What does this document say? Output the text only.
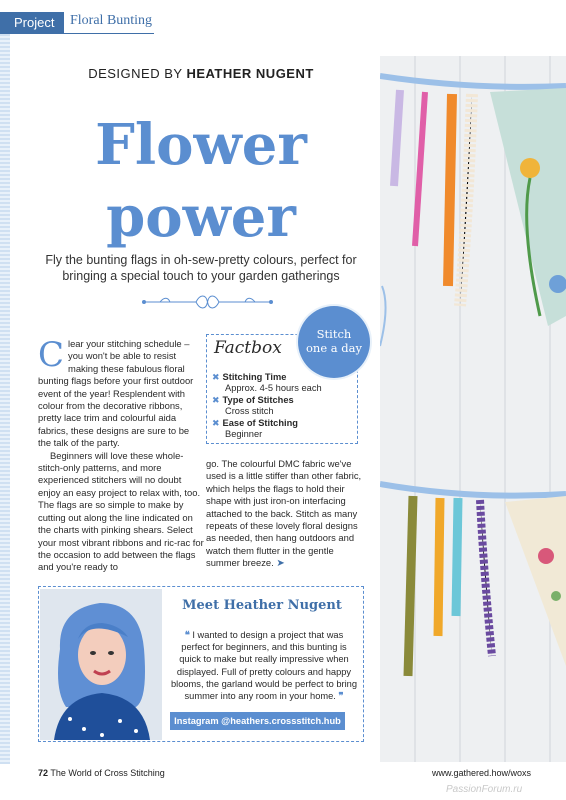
Project	Floral Bunting
DESIGNED BY HEATHER NUGENT
Flower
power
Fly the bunting flags in oh-sew-pretty colours, perfect for
bringing a special touch to your garden gatherings

Clear your stitching schedule – you won't be able to resist making these fabulous floral bunting flags before your first outdoor event of the year! Resplendent with colour from the decorative ribbons, pretty lace trim and colourful aida fabrics, these designs are sure to be the talk of the party.

Beginners will love these whole-stitch-only patterns, and more experienced stitchers will no doubt enjoy an easy project to relax with, too. The flags are so simple to make by cutting out along the line indicated on the charts with pinking shears. Select your most vibrant ribbons and ric-rac for the occasion to add between the flags and you're ready to

Factbox
✖ Stitching Time
Approx. 4-5 hours each
✖ Type of Stitches
Cross stitch
✖ Ease of Stitching
Beginner
Stitch
one a day

go. The colourful DMC fabric we've used is a little stiffer than other fabric, which helps the flags to hold their shape with just iron-on interfacing attached to the back. Stitch as many repeats of these lovely floral designs as needed, then hang outdoors and watch them flutter in the gentle summer breeze. ➤

Meet Heather Nugent
❝ I wanted to design a project that was perfect for beginners, and this bunting is quick to make but really impressive when displayed. Full of pretty colours and happy blooms, the garland would be perfect to bring summer into any room in your home. ❞
Instagram @heathers.crossstitch.hub
72 The World of Cross Stitching	www.gathered.how/woxs
PassionForum.ru
